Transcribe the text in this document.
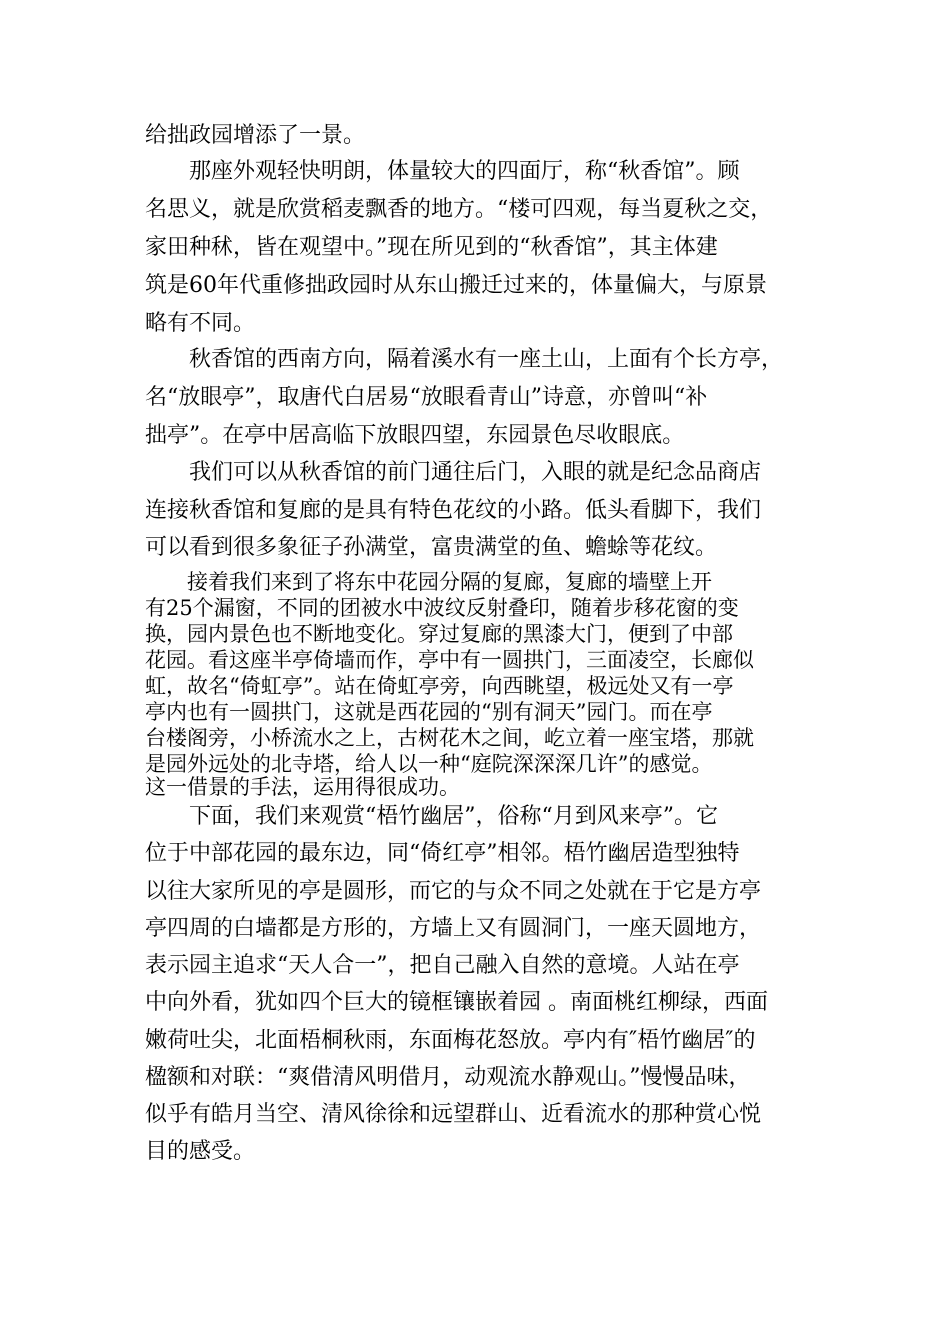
给拙政园增添了一景。

　　那座外观轻快明朗，体量较大的四面厅，称“秋香馆”。顾

名思义，就是欣赏稻麦飘香的地方。“楼可四观，每当夏秋之交，

家田种秫，皆在观望中。”现在所见到的“秋香馆”，其主体建

筑是60年代重修拙政园时从东山搬迁过来的，体量偏大，与原景

略有不同。

　　秋香馆的西南方向，隔着溪水有一座土山，上面有个长方亭，

名“放眼亭”，取唐代白居易“放眼看青山”诗意，亦曾叫“补

拙亭”。在亭中居高临下放眼四望，东园景色尽收眼底。

　　我们可以从秋香馆的前门通往后门，入眼的就是纪念品商店

连接秋香馆和复廊的是具有特色花纹的小路。低头看脚下，我们

可以看到很多象征子孙满堂，富贵满堂的鱼、蟾蜍等花纹。

　　接着我们来到了将东中花园分隔的复廊，复廊的墙壁上开

有25个漏窗，不同的团被水中波纹反射叠印，随着步移花窗的变

换，园内景色也不断地变化。穿过复廊的黑漆大门，便到了中部

花园。看这座半亭倚墙而作，亭中有一圆拱门，三面凌空，长廊似

虹，故名“倚虹亭”。站在倚虹亭旁，向西眺望，极远处又有一亭

亭内也有一圆拱门，这就是西花园的“别有洞天”园门。而在亭

台楼阁旁，小桥流水之上，古树花木之间，屹立着一座宝塔，那就

是园外远处的北寺塔，给人以一种“庭院深深深几许”的感觉。

这一借景的手法，运用得很成功。

　　下面，我们来观赏“梧竹幽居”，俗称“月到风来亭”。它

位于中部花园的最东边，同“倚红亭”相邻。梧竹幽居造型独特

以往大家所见的亭是圆形，而它的与众不同之处就在于它是方亭

亭四周的白墙都是方形的，方墙上又有圆洞门，一座天圆地方，

表示园主追求“天人合一”，把自己融入自然的意境。人站在亭

中向外看，犹如四个巨大的镜框镶嵌着园 。南面桃红柳绿，西面

嫩荷吐尖，北面梧桐秋雨，东面梅花怒放。亭内有″梧竹幽居″的

楹额和对联：“爽借清风明借月，动观流水静观山。”慢慢品味，

似乎有皓月当空、清风徐徐和远望群山、近看流水的那种赏心悦

目的感受。
